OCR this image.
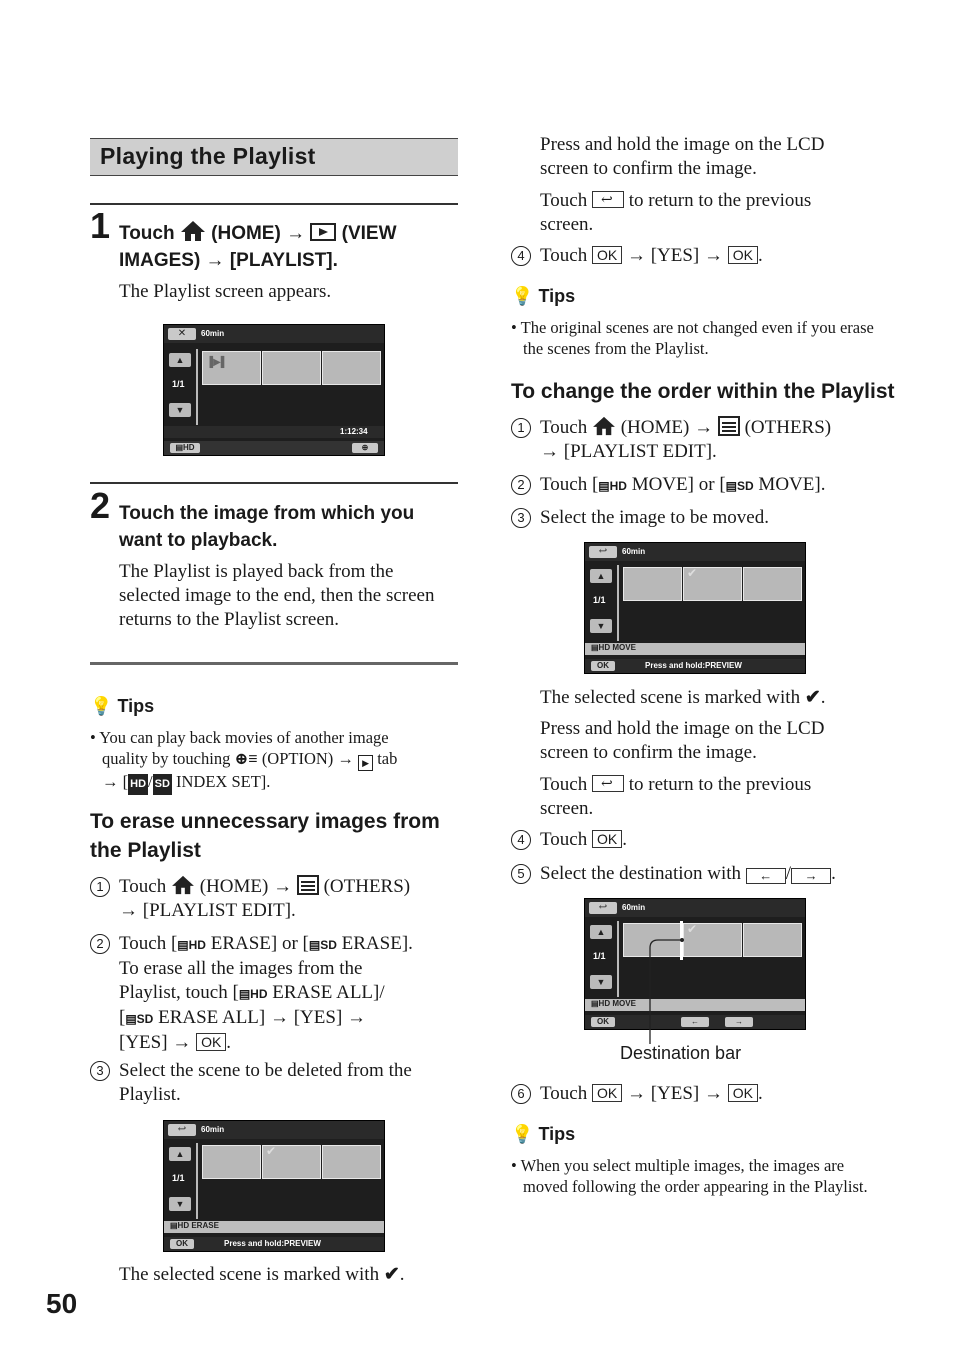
Playing the Playlist
1 Touch (HOME) → (VIEW
IMAGES) → [PLAYLIST].
The Playlist screen appears.
✕	60min
▲
1/1
▼
▐▶▌
1:12:34
▤HD	⊕
2 Touch the image from which you want to playback.
The Playlist is played back from the selected image to the end, then the screen returns to the Playlist screen.
💡 Tips
• You can play back movies of another image
quality by touching ⊕≡ (OPTION) → ▶ tab
→ [ HD / SD INDEX SET].
To erase unnecessary images from
the Playlist
1 Touch (HOME) → (OTHERS)
→ [PLAYLIST EDIT].
2 Touch [▤HD ERASE] or [▤SD ERASE].
To erase all the images from the
Playlist, touch [▤HD ERASE ALL]/
[▤SD ERASE ALL] → [YES] →
[YES] → OK .
3 Select the scene to be deleted from the Playlist.
↩	60min
▲
1/1
▼
✔
▤HD ERASE
OK	Press and hold:PREVIEW
The selected scene is marked with ✔.
50
Press and hold the image on the LCD screen to confirm the image.
Touch ↩ to return to the previous
screen.
4 Touch OK → [YES] → OK .
💡 Tips
• The original scenes are not changed even if you erase the scenes from the Playlist.
To change the order within the Playlist
1 Touch (HOME) → (OTHERS)
→ [PLAYLIST EDIT].
2 Touch [▤HD MOVE] or [▤SD MOVE].
3 Select the image to be moved.
↩	60min
▲
1/1
▼
✔
▤HD MOVE
OK	Press and hold:PREVIEW
The selected scene is marked with ✔.
Press and hold the image on the LCD screen to confirm the image.
Touch ↩ to return to the previous
screen.
4 Touch OK .
5 Select the destination with ← / → .
↩	60min
▲
1/1
▼
✔
▤HD MOVE
OK	←	→
Destination bar
6 Touch OK → [YES] → OK .
💡 Tips
• When you select multiple images, the images are moved following the order appearing in the Playlist.
